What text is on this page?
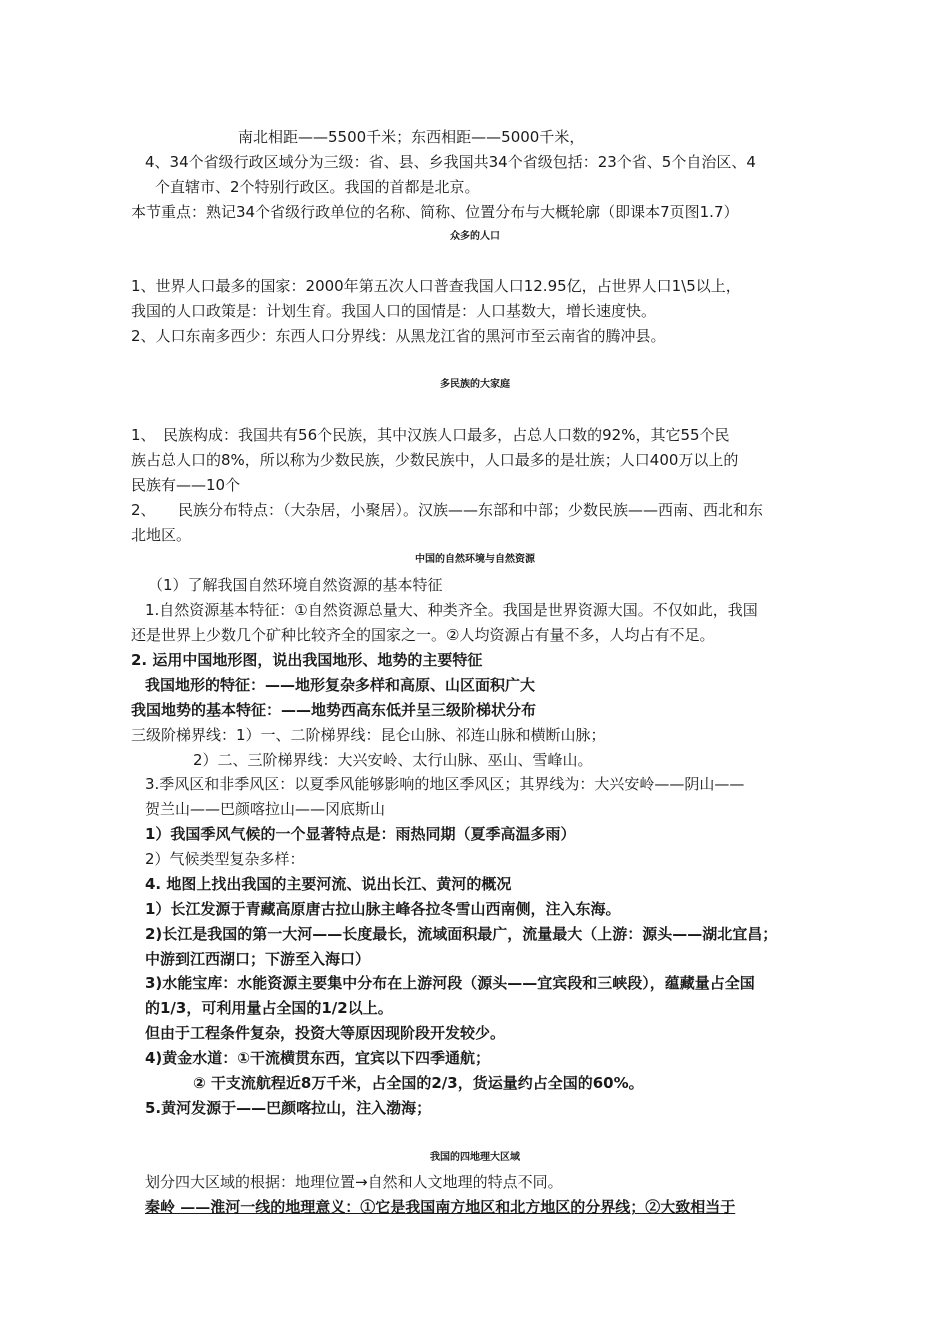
南北相距——5500千米；东西相距——5000千米，
4、34个省级行政区域分为三级：省、县、乡我国共34个省级包括：23个省、5个自治区、4
个直辖市、2个特别行政区。我国的首都是北京。
本节重点：熟记34个省级行政单位的名称、简称、位置分布与大概轮廓（即课本7页图1.7）
众多的人口
1、世界人口最多的国家：2000年第五次人口普查我国人口12.95亿，占世界人口1\5以上，
我国的人口政策是：计划生育。我国人口的国情是：人口基数大，增长速度快。
2、人口东南多西少：东西人口分界线：从黑龙江省的黑河市至云南省的腾冲县。
多民族的大家庭
1、　民族构成：我国共有56个民族，其中汉族人口最多，占总人口数的92%，其它55个民
族占总人口的8%，所以称为少数民族，少数民族中，人口最多的是壮族；人口400万以上的
民族有——10个
2、　　民族分布特点：（大杂居，小聚居）。汉族——东部和中部；少数民族——西南、西北和东
北地区。
中国的自然环境与自然资源
（1）了解我国自然环境自然资源的基本特征
1.自然资源基本特征：①自然资源总量大、种类齐全。我国是世界资源大国。不仅如此，我国
还是世界上少数几个矿种比较齐全的国家之一。②人均资源占有量不多，人均占有不足。
2. 运用中国地形图，说出我国地形、地势的主要特征
我国地形的特征：——地形复杂多样和高原、山区面积广大
我国地势的基本特征：——地势西高东低并呈三级阶梯状分布
三级阶梯界线：1）一、二阶梯界线：昆仑山脉、祁连山脉和横断山脉；
2）二、三阶梯界线：大兴安岭、太行山脉、巫山、雪峰山。
3.季风区和非季风区：以夏季风能够影响的地区季风区；其界线为：大兴安岭——阴山——
贺兰山——巴颜喀拉山——冈底斯山
1）我国季风气候的一个显著特点是：雨热同期（夏季高温多雨）
2）气候类型复杂多样：
4. 地图上找出我国的主要河流、说出长江、黄河的概况
1）长江发源于青藏高原唐古拉山脉主峰各拉冬雪山西南侧，注入东海。
2)长江是我国的第一大河——长度最长，流域面积最广，流量最大（上游：源头——湖北宜昌；
中游到江西湖口；下游至入海口）
3)水能宝库：水能资源主要集中分布在上游河段（源头——宜宾段和三峡段），蕴藏量占全国
的1/3，可利用量占全国的1/2以上。
但由于工程条件复杂，投资大等原因现阶段开发较少。
4)黄金水道：①干流横贯东西，宜宾以下四季通航；
② 干支流航程近8万千米，占全国的2/3，货运量约占全国的60%。
5.黄河发源于——巴颜喀拉山，注入渤海；
我国的四地理大区域
划分四大区域的根据：地理位置→自然和人文地理的特点不同。
秦岭 ——淮河一线的地理意义：①它是我国南方地区和北方地区的分界线；②大致相当于
